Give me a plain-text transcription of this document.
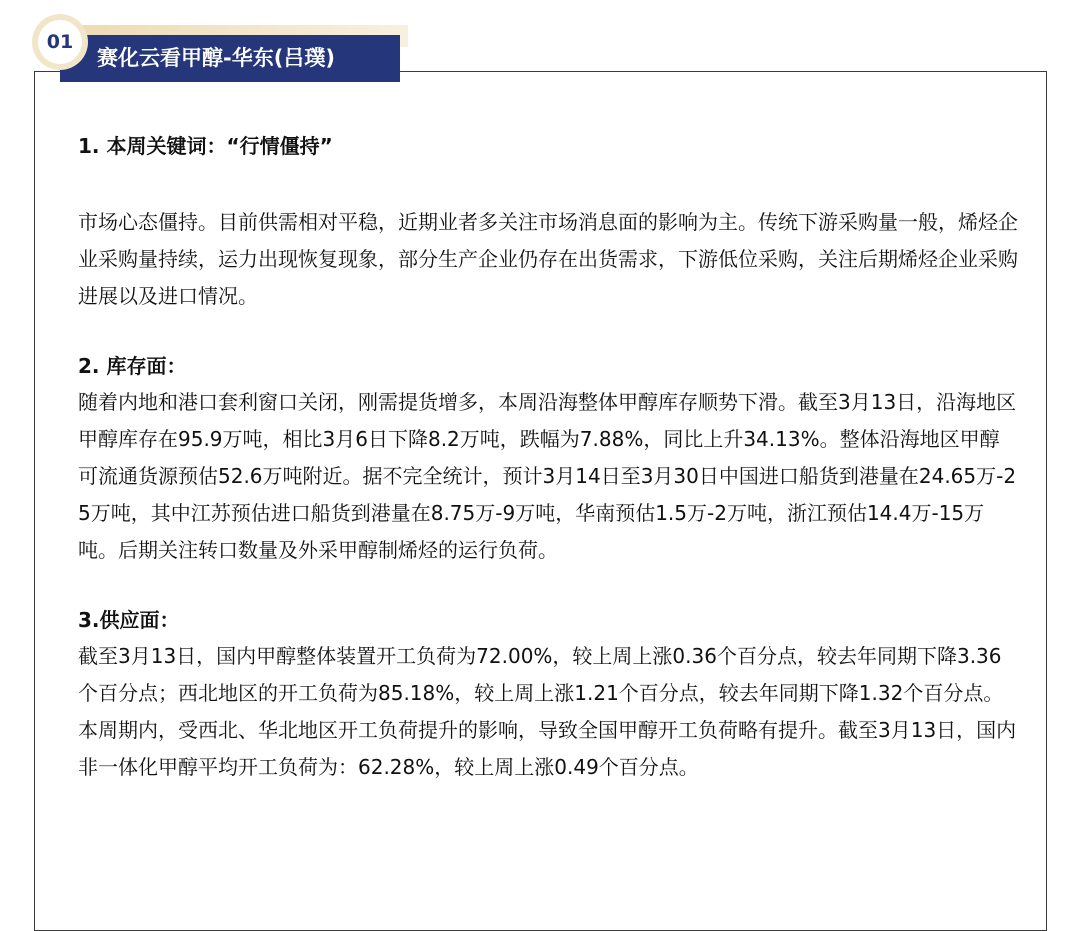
赛化云看甲醇-华东(吕璞)
01

1. 本周关键词：“行情僵持”

市场心态僵持。目前供需相对平稳，近期业者多关注市场消息面的影响为主。传统下游采购量一般，烯烃企业采购量持续，运力出现恢复现象，部分生产企业仍存在出货需求，下游低位采购，关注后期烯烃企业采购进展以及进口情况。

2. 库存面：

随着内地和港口套利窗口关闭，刚需提货增多，本周沿海整体甲醇库存顺势下滑。截至3月13日，沿海地区甲醇库存在95.9万吨，相比3月6日下降8.2万吨，跌幅为7.88%，同比上升34.13%。整体沿海地区甲醇可流通货源预估52.6万吨附近。据不完全统计，预计3月14日至3月30日中国进口船货到港量在24.65万-25万吨，其中江苏预估进口船货到港量在8.75万-9万吨，华南预估1.5万-2万吨，浙江预估14.4万-15万吨。后期关注转口数量及外采甲醇制烯烃的运行负荷。

3.供应面：

截至3月13日，国内甲醇整体装置开工负荷为72.00%，较上周上涨0.36个百分点，较去年同期下降3.36个百分点；西北地区的开工负荷为85.18%，较上周上涨1.21个百分点，较去年同期下降1.32个百分点。本周期内，受西北、华北地区开工负荷提升的影响，导致全国甲醇开工负荷略有提升。截至3月13日，国内非一体化甲醇平均开工负荷为：62.28%，较上周上涨0.49个百分点。
